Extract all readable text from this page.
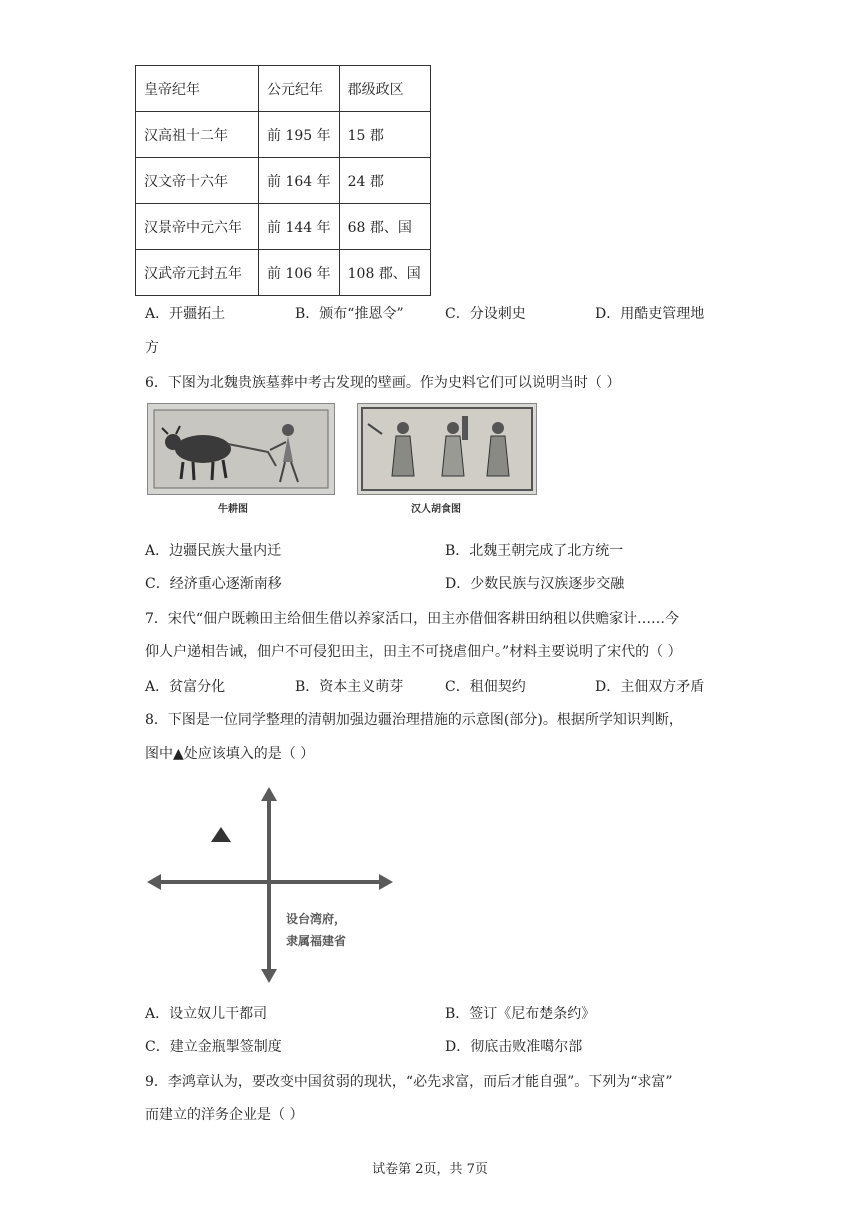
皇帝纪年	公元纪年	郡级政区
汉高祖十二年	前 195 年	15 郡
汉文帝十六年	前 164 年	24 郡
汉景帝中元六年	前 144 年	68 郡、国
汉武帝元封五年	前 106 年	108 郡、国
A．开疆拓土	B．颁布“推恩令”	C．分设刺史	D．用酷吏管理地
方
6．下图为北魏贵族墓葬中考古发现的壁画。作为史料它们可以说明当时（ ）
牛耕图	汉人胡食图
A．边疆民族大量内迁	B．北魏王朝完成了北方统一
C．经济重心逐渐南移	D．少数民族与汉族逐步交融
7．宋代“佃户既赖田主给佃生借以养家活口，田主亦借佃客耕田纳租以供赡家计……今
仰人户递相告诫，佃户不可侵犯田主，田主不可挠虐佃户。”材料主要说明了宋代的（ ）
A．贫富分化	B．资本主义萌芽	C．租佃契约	D．主佃双方矛盾
8．下图是一位同学整理的清朝加强边疆治理措施的示意图(部分)。根据所学知识判断，
图中▲处应该填入的是（ ）
设台湾府，
隶属福建省
A．设立奴儿干都司	B．签订《尼布楚条约》
C．建立金瓶掣签制度	D．彻底击败准噶尔部
9．李鸿章认为，要改变中国贫弱的现状，“必先求富，而后才能自强”。下列为“求富”
而建立的洋务企业是（ ）
试卷第 2页，共 7页
